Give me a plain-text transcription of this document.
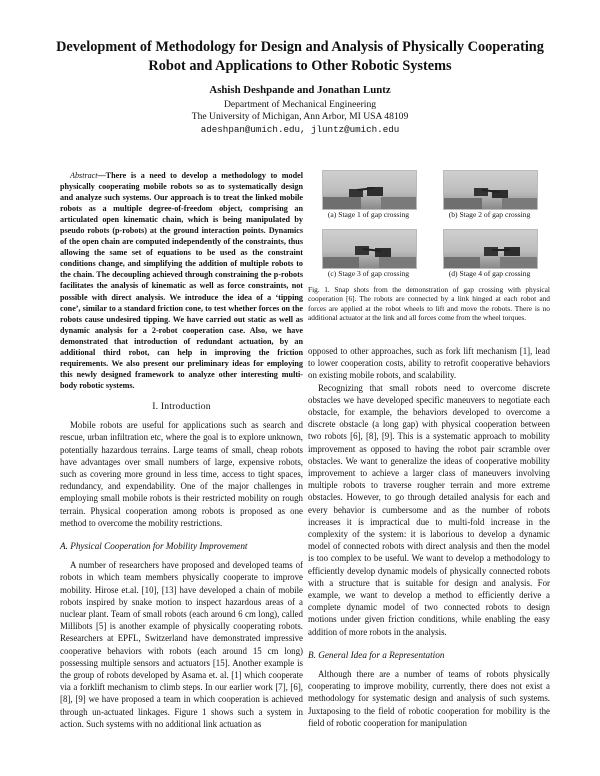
Development of Methodology for Design and Analysis of Physically Cooperating
Robot and Applications to Other Robotic Systems
Ashish Deshpande and Jonathan Luntz
Department of Mechanical Engineering
The University of Michigan, Ann Arbor, MI USA 48109
adeshpan@umich.edu, jluntz@umich.edu

Abstract—There is a need to develop a methodology to model physically cooperating mobile robots so as to systematically design and analyze such systems. Our approach is to treat the linked mobile robots as a multiple degree-of-freedom object, comprising an articulated open kinematic chain, which is being manipulated by pseudo robots (p-robots) at the ground interaction points. Dynamics of the open chain are computed independently of the constraints, thus allowing the same set of equations to be used as the constraint conditions change, and simplifying the addition of multiple robots to the chain. The decoupling achieved through constraining the p-robots facilitates the analysis of kinematic as well as force constraints, not possible with direct analysis. We introduce the idea of a ‘tipping cone’, similar to a standard friction cone, to test whether forces on the robots cause undesired tipping. We have carried out static as well as dynamic analysis for a 2-robot cooperation case. Also, we have demonstrated that introduction of redundant actuation, by an additional third robot, can help in improving the friction requirements. We also present our preliminary ideas for employing this newly designed framework to analyze other interesting multi-body robotic systems.

I. Introduction

Mobile robots are useful for applications such as search and rescue, urban infiltration etc, where the goal is to explore unknown, potentially hazardous terrains. Large teams of small, cheap robots have advantages over small numbers of large, expensive robots, such as covering more ground in less time, access to tight spaces, redundancy, and expendability. One of the major challenges in employing small mobile robots is their restricted mobility on rough terrain. Physical cooperation among robots is proposed as one method to overcome the mobility restrictions.

A. Physical Cooperation for Mobility Improvement

A number of researchers have proposed and developed teams of robots in which team members physically cooperate to improve mobility. Hirose et.al. [10], [13] have developed a chain of mobile robots inspired by snake motion to inspect hazardous areas of a nuclear plant. Team of small robots (each around 6 cm long), called Millibots [5] is another example of physically cooperating robots. Researchers at EPFL, Switzerland have demonstrated impressive cooperative behaviors with robots (each around 15 cm long) possessing multiple sensors and actuators [15]. Another example is the group of robots developed by Asama et. al. [1] which cooperate via a forklift mechanism to climb steps. In our earlier work [7], [6], [8], [9] we have proposed a team in which cooperation is achieved through un-actuated linkages. Figure 1 shows such a system in action. Such systems with no additional link actuation as

(a) Stage 1 of gap crossing	(b) Stage 2 of gap crossing
(c) Stage 3 of gap crossing	(d) Stage 4 of gap crossing
Fig. 1. Snap shots from the demonstration of gap crossing with physical cooperation [6]. The robots are connected by a link hinged at each robot and forces are applied at the robot wheels to lift and move the robots. There is no additional actuator at the link and all forces come from the wheel torques.

opposed to other approaches, such as fork lift mechanism [1], lead to lower cooperation costs, ability to retrofit cooperative behaviors on existing mobile robots, and scalability.

Recognizing that small robots need to overcome discrete obstacles we have developed specific maneuvers to negotiate each obstacle, for example, the behaviors developed to overcome a discrete obstacle (a long gap) with physical cooperation between two robots [6], [8], [9]. This is a systematic approach to mobility improvement as opposed to having the robot pair scramble over obstacles. We want to generalize the ideas of cooperative mobility improvement to achieve a larger class of maneuvers involving multiple robots to traverse rougher terrain and more extreme obstacles. However, to go through detailed analysis for each and every behavior is cumbersome and as the number of robots increases it is impractical due to multi-fold increase in the complexity of the system: it is laborious to develop a dynamic model of connected robots with direct analysis and then the model is too complex to be useful. We want to develop a methodology to efficiently develop dynamic models of physically connected robots with a structure that is suitable for design and analysis. For example, we want to develop a method to efficiently derive a complete dynamic model of two connected robots to design motions under given friction conditions, while enabling the easy addition of more robots in the analysis.

B. General Idea for a Representation

Although there are a number of teams of robots physically cooperating to improve mobility, currently, there does not exist a methodology for systematic design and analysis of such systems. Juxtaposing to the field of robotic cooperation for mobility is the field of robotic cooperation for manipulation
